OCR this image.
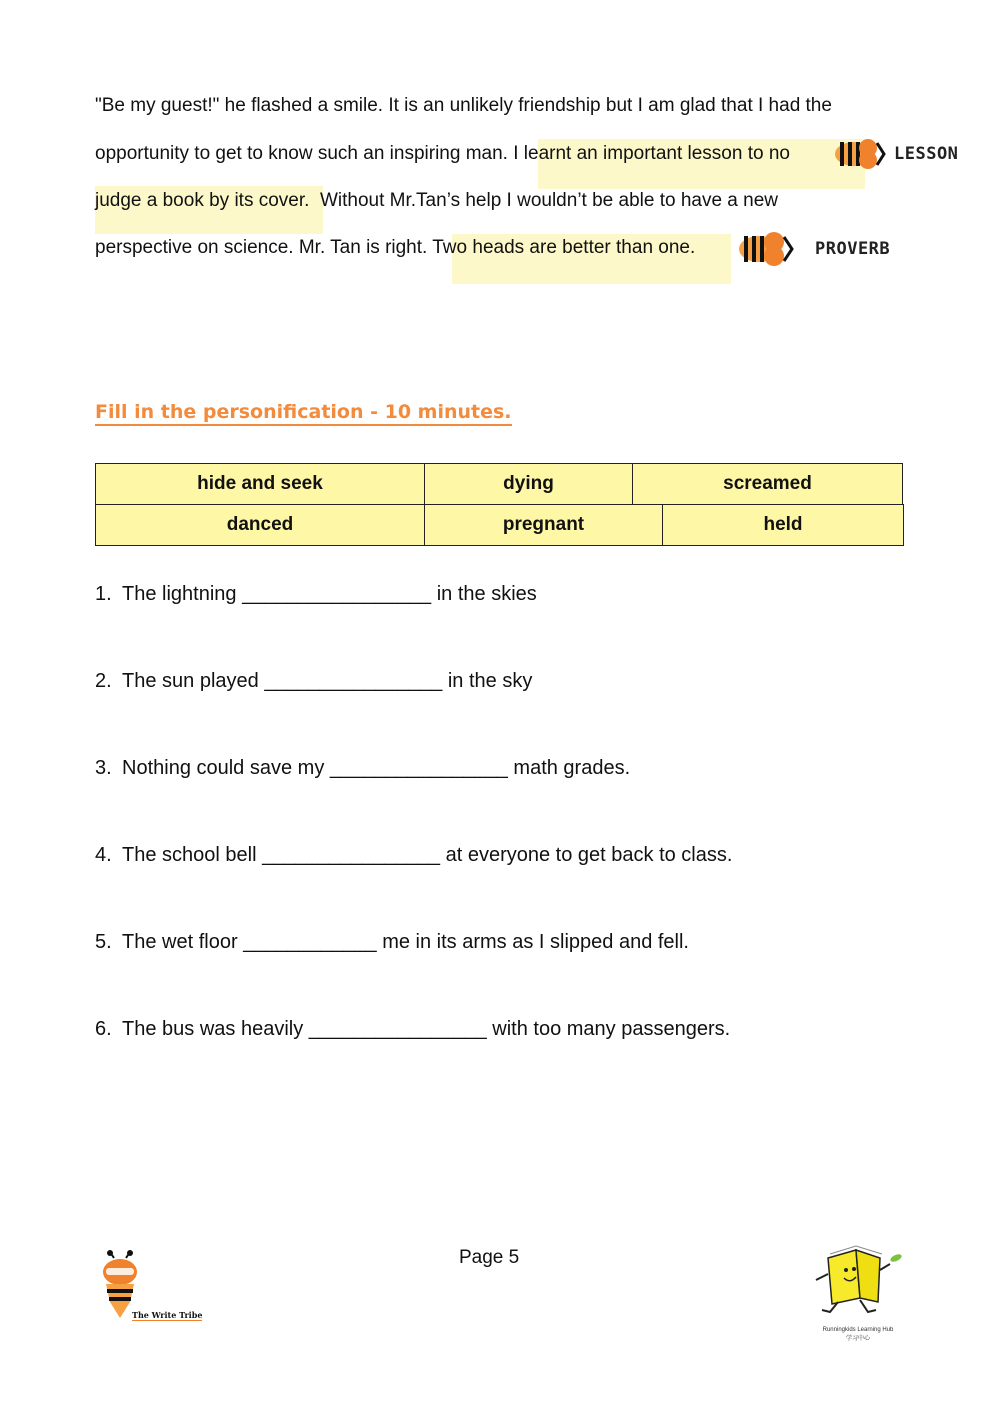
"Be my guest!" he flashed a smile. It is an unlikely friendship but I am glad that I had the
opportunity to get to know such an inspiring man. I learnt an important lesson to no	LESSON
judge a book by its cover.  Without Mr.Tan’s help I wouldn’t be able to have a new
perspective on science. Mr. Tan is right. Two heads are better than one.	PROVERB
Fill in the personification - 10 minutes.
hide and seek	dying	screamed
danced	pregnant	held
1. The lightning _________________ in the skies
2. The sun played ________________ in the sky
3. Nothing could save my ________________ math grades.
4. The school bell ________________ at everyone to get back to class.
5. The wet floor ____________ me in its arms as I slipped and fell.
6. The bus was heavily ________________ with too many passengers.
Page 5
The Write Tribe
Runningkids Learning Hub
学习中心
